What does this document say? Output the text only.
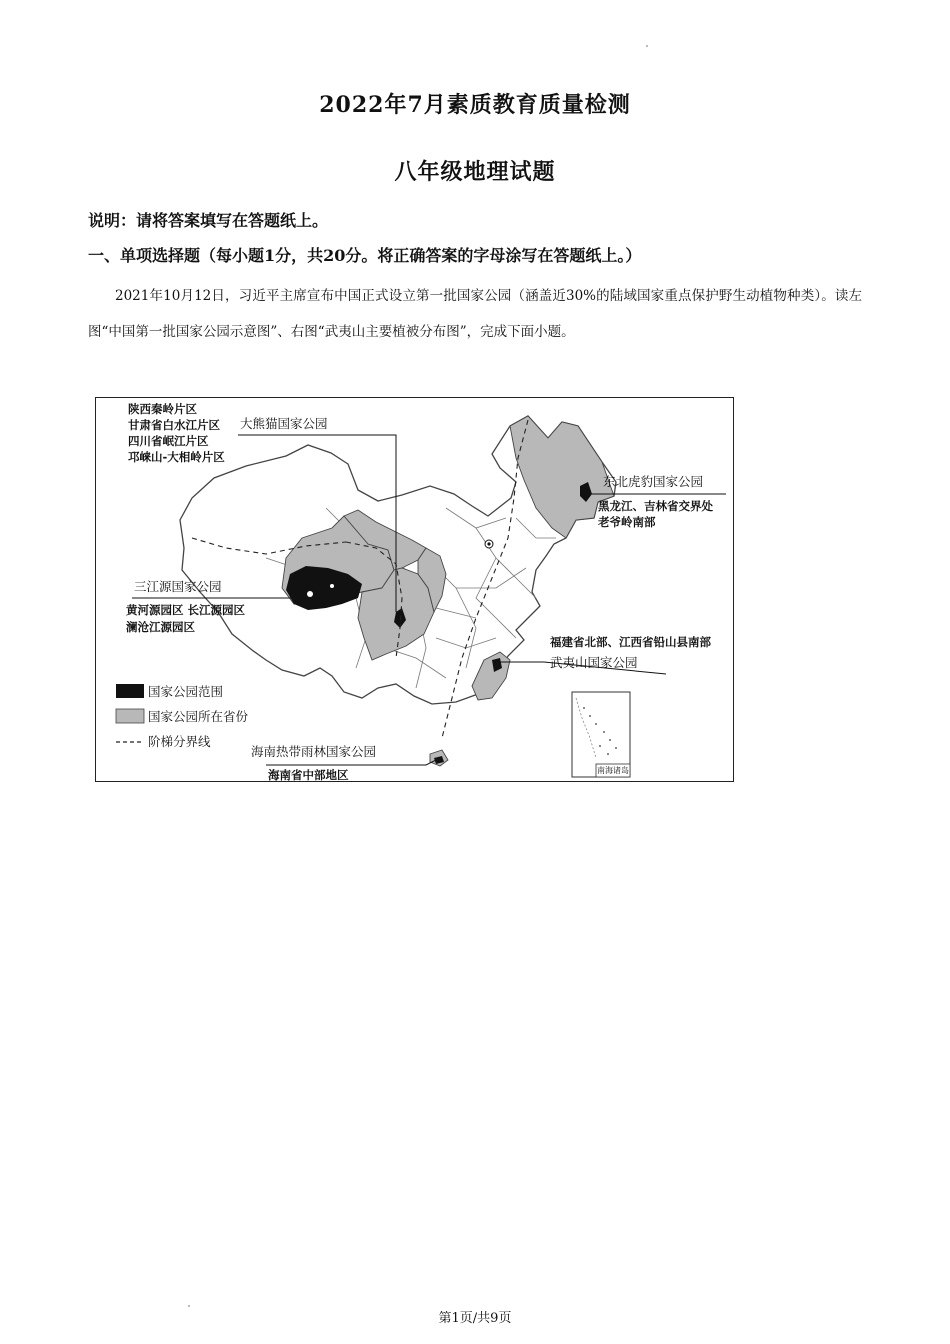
2022年7月素质教育质量检测
八年级地理试题
说明：请将答案填写在答题纸上。
一、单项选择题（每小题1分，共20分。将正确答案的字母涂写在答题纸上。）
2021年10月12日，习近平主席宣布中国正式设立第一批国家公园（涵盖近30%的陆域国家重点保护野生动植物种类）。读左图“中国第一批国家公园示意图”、右图“武夷山主要植被分布图”，完成下面小题。
陕西秦岭片区
甘肃省白水江片区
四川省岷江片区
邛崃山-大相岭片区
大熊猫国家公园
东北虎豹国家公园
黑龙江、吉林省交界处
老爷岭南部
三江源国家公园
黄河源园区 长江源园区
澜沧江源园区
福建省北部、江西省铅山县南部
武夷山国家公园
国家公园范围
国家公园所在省份
阶梯分界线
海南热带雨林国家公园
海南省中部地区	南海诸岛
第1页/共9页
